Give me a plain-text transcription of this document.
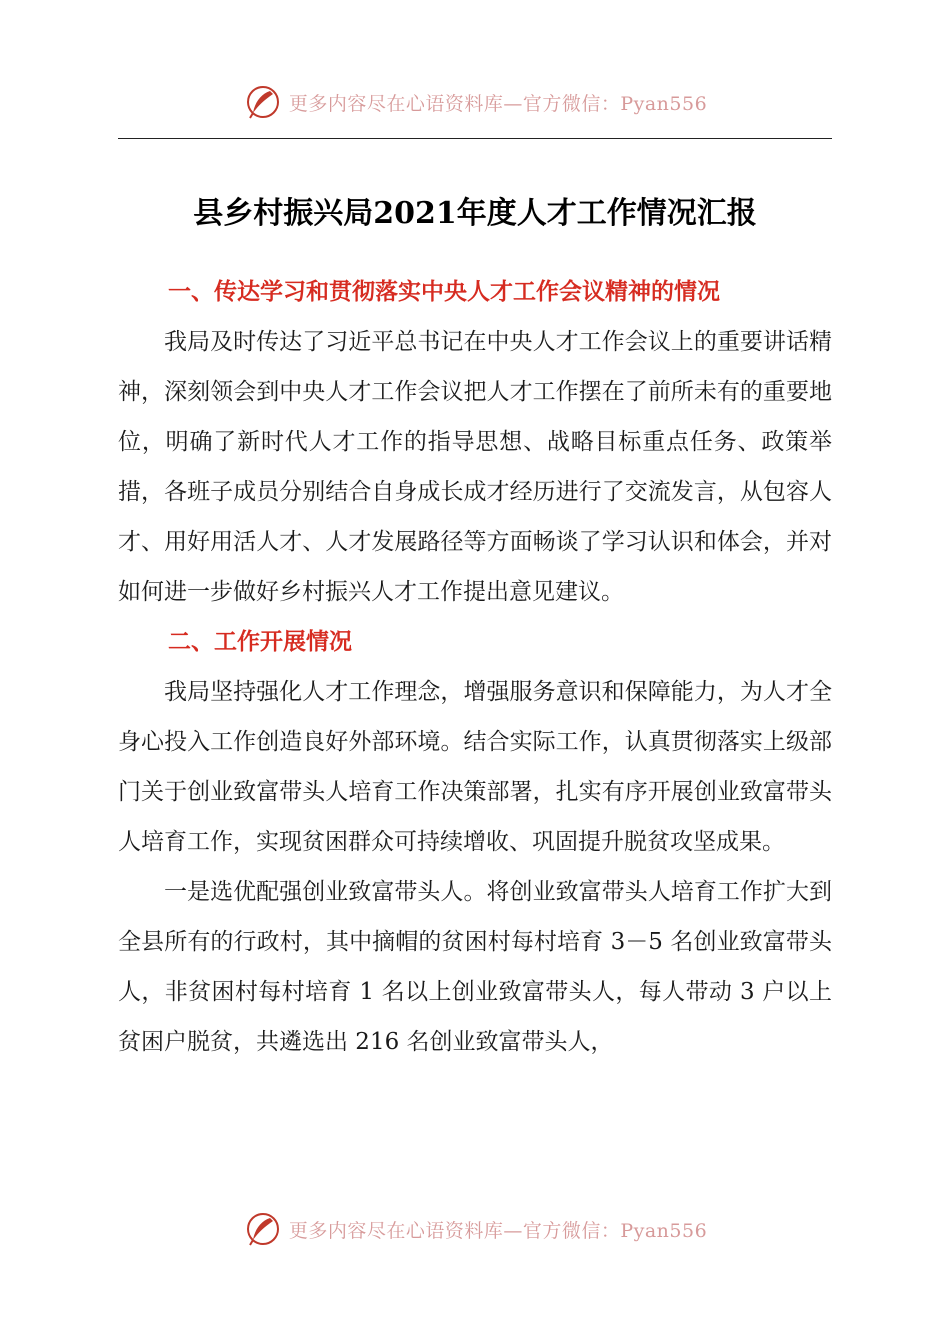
更多内容尽在心语资料库—官方微信：Pyan556
县乡村振兴局2021年度人才工作情况汇报

一、传达学习和贯彻落实中央人才工作会议精神的情况

我局及时传达了习近平总书记在中央人才工作会议上的重要讲话精神，深刻领会到中央人才工作会议把人才工作摆在了前所未有的重要地位，明确了新时代人才工作的指导思想、战略目标重点任务、政策举措，各班子成员分别结合自身成长成才经历进行了交流发言，从包容人才、用好用活人才、人才发展路径等方面畅谈了学习认识和体会，并对如何进一步做好乡村振兴人才工作提出意见建议。

二、工作开展情况

我局坚持强化人才工作理念，增强服务意识和保障能力，为人才全身心投入工作创造良好外部环境。结合实际工作，认真贯彻落实上级部门关于创业致富带头人培育工作决策部署，扎实有序开展创业致富带头人培育工作，实现贫困群众可持续增收、巩固提升脱贫攻坚成果。

一是选优配强创业致富带头人。将创业致富带头人培育工作扩大到全县所有的行政村，其中摘帽的贫困村每村培育 3－5 名创业致富带头人，非贫困村每村培育 1 名以上创业致富带头人，每人带动 3 户以上贫困户脱贫，共遴选出 216 名创业致富带头人，

更多内容尽在心语资料库—官方微信：Pyan556
